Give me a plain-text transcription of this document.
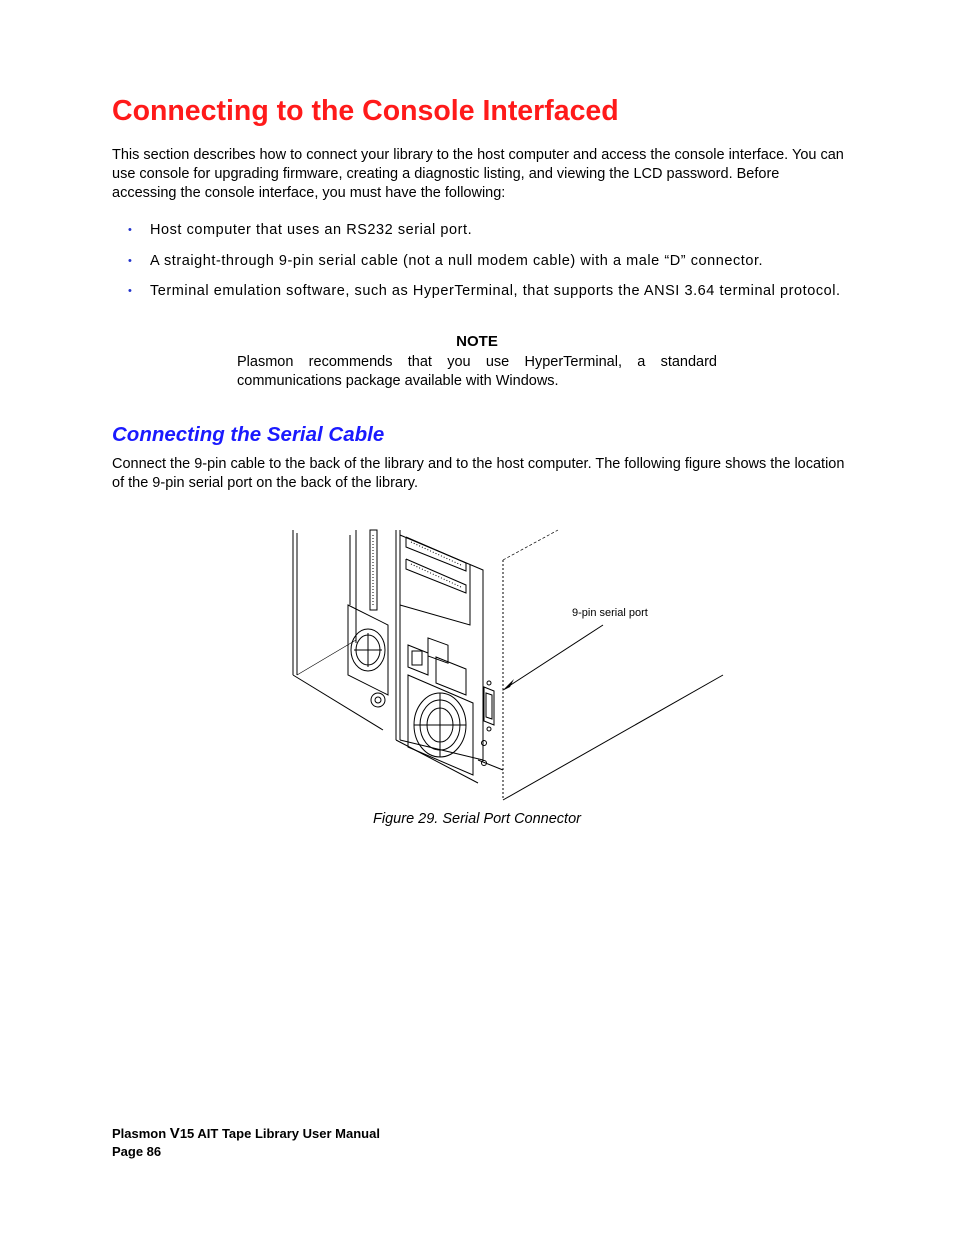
Connecting to the Console Interfaced

This section describes how to connect your library to the host computer and access the console interface. You can use console for upgrading firmware, creating a diagnostic listing, and viewing the LCD password. Before accessing the console interface, you must have the following:

• Host computer that uses an RS232 serial port.
• A straight-through 9-pin serial cable (not a null modem cable) with a male “D” connector.
• Terminal emulation software, such as HyperTerminal, that supports the ANSI 3.64 terminal protocol.
NOTE
Plasmon recommends that you use HyperTerminal, a standard communications package available with Windows.
Connecting the Serial Cable

Connect the 9-pin cable to the back of the library and to the host computer. The following figure shows the location of the 9-pin serial port on the back of the library.

9-pin serial port
Figure 29. Serial Port Connector
Plasmon V15 AIT Tape Library User Manual
Page 86
